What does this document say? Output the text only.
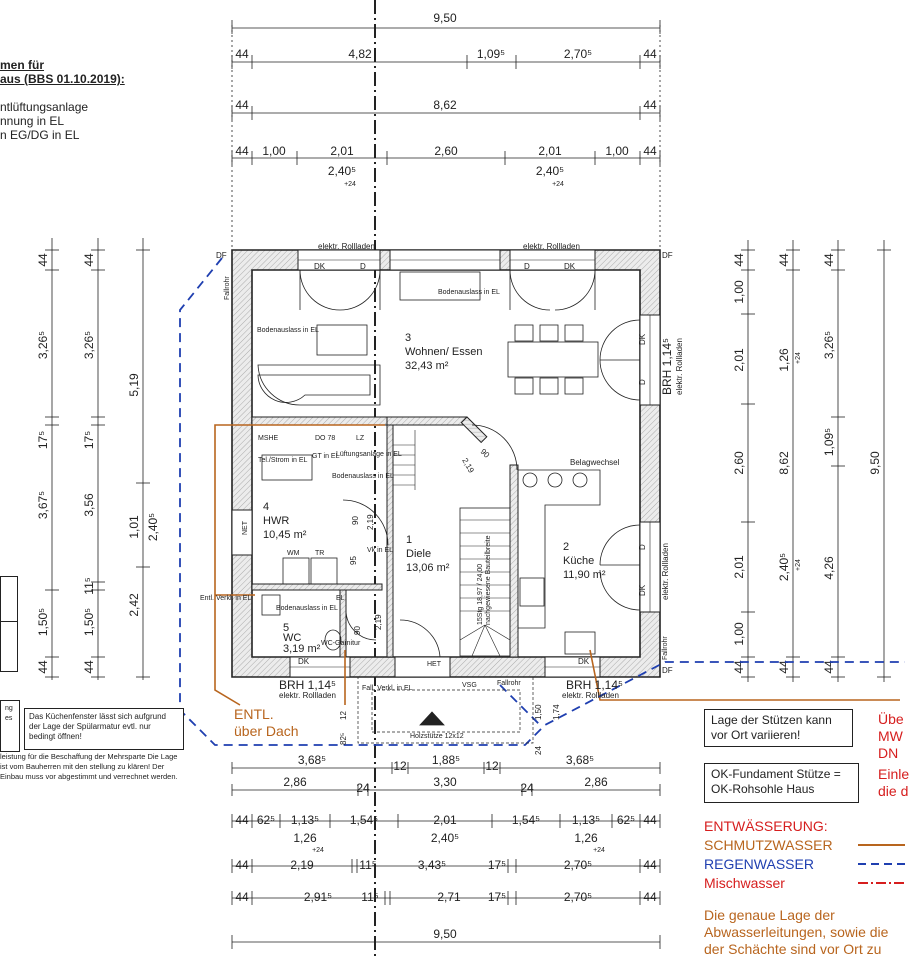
9,50
44	4,82	1,09⁵	2,70⁵	44
44	8,62	44
44 1,00	2,01	2,60	2,01	1,00 44
2,40⁵
+24
2,40⁵
+24
44
3,26⁵
17⁵
3,67⁵
1,50⁵
44
44
3,26⁵
17⁵
3,56
11⁵
1,50⁵
44
5,19
1,01
2,42
2,40⁵
44
1,00
2,01
2,60
2,01
1,00
44
44
1,26 +24
8,62
2,40⁵ +24
44
44
3,26⁵
1,09⁵
4,26
44
9,50
3,68⁵	12 1,88⁵ 12	3,68⁵
2,86	24	3,30	24	2,86
44 62⁵ 1,13⁵	1,54⁵	2,01	1,54⁵	1,13⁵ 62⁵ 44
1,26
+24
2,40⁵	1,26
+24
44	2,19	11⁵	3,43⁵	17⁵	2,70⁵	44
44	2,91⁵ 11⁵	2,71 17⁵	2,70⁵	44
9,50
3
Wohnen/ Essen
32,43 m²
4
HWR
10,45 m²	1
Diele
13,06 m²
2
Küche
11,90 m²
5
WC
3,19 m²
elektr. Rollladen	elektr. Rollladen
elektr. Rollladen	elektr. Rollladen
BRH 1,14⁵	BRH 1,14⁵
BRH 1,14⁵ elektr. Rollladen
elektr. Rollladen
DK	D	D	DK
DK	DK
DK
D
D
DK
DF	DF
DF
Fallrohr
Fallrohr
Bodenauslass in EL
Bodenauslass in EL
Bodenauslass in EL
Bodenauslass in EL
MSHE	DO 78	LZ
GT in EL
Lüftungsanlage in EL
Tel./Strom in EL
WM TR	Vk in EL
NET
Entl. Verkl. in EL	EL
WC-Garnitur
HET
VSG	Fallrohr
Fall. Verkl. in EL
Belagwechsel
15Stg 18,97 / 24,00 nachgewiesene Bauteilbreite
Holzstütze 12x12
90 2,19
95
90
2,19
2,19
90
1,50 1,74
24
82⁵
12
men für
aus (BBS 01.10.2019):
ntlüftungsanlage
nnung in EL
n EG/DG in EL
ng es	Das Küchenfenster lässt sich aufgrund der Lage der Spülarmatur evtl. nur bedingt öffnen!
leistung für die Beschaffung der Mehrsparte Die Lage ist vom Bauherren mit den stellung zu klären! Der Einbau muss vor abgestimmt und verrechnet werden.
ENTL.
über Dach
Lage der Stützen kann vor Ort variieren!
OK-Fundament Stütze = OK-Rohsohle Haus
Übe
MW
DN
Einle
die d
ENTWÄSSERUNG:
SCHMUTZWASSER
REGENWASSER
Mischwasser
Die genaue Lage der
Abwasserleitungen, sowie die
der Schächte sind vor Ort zu
